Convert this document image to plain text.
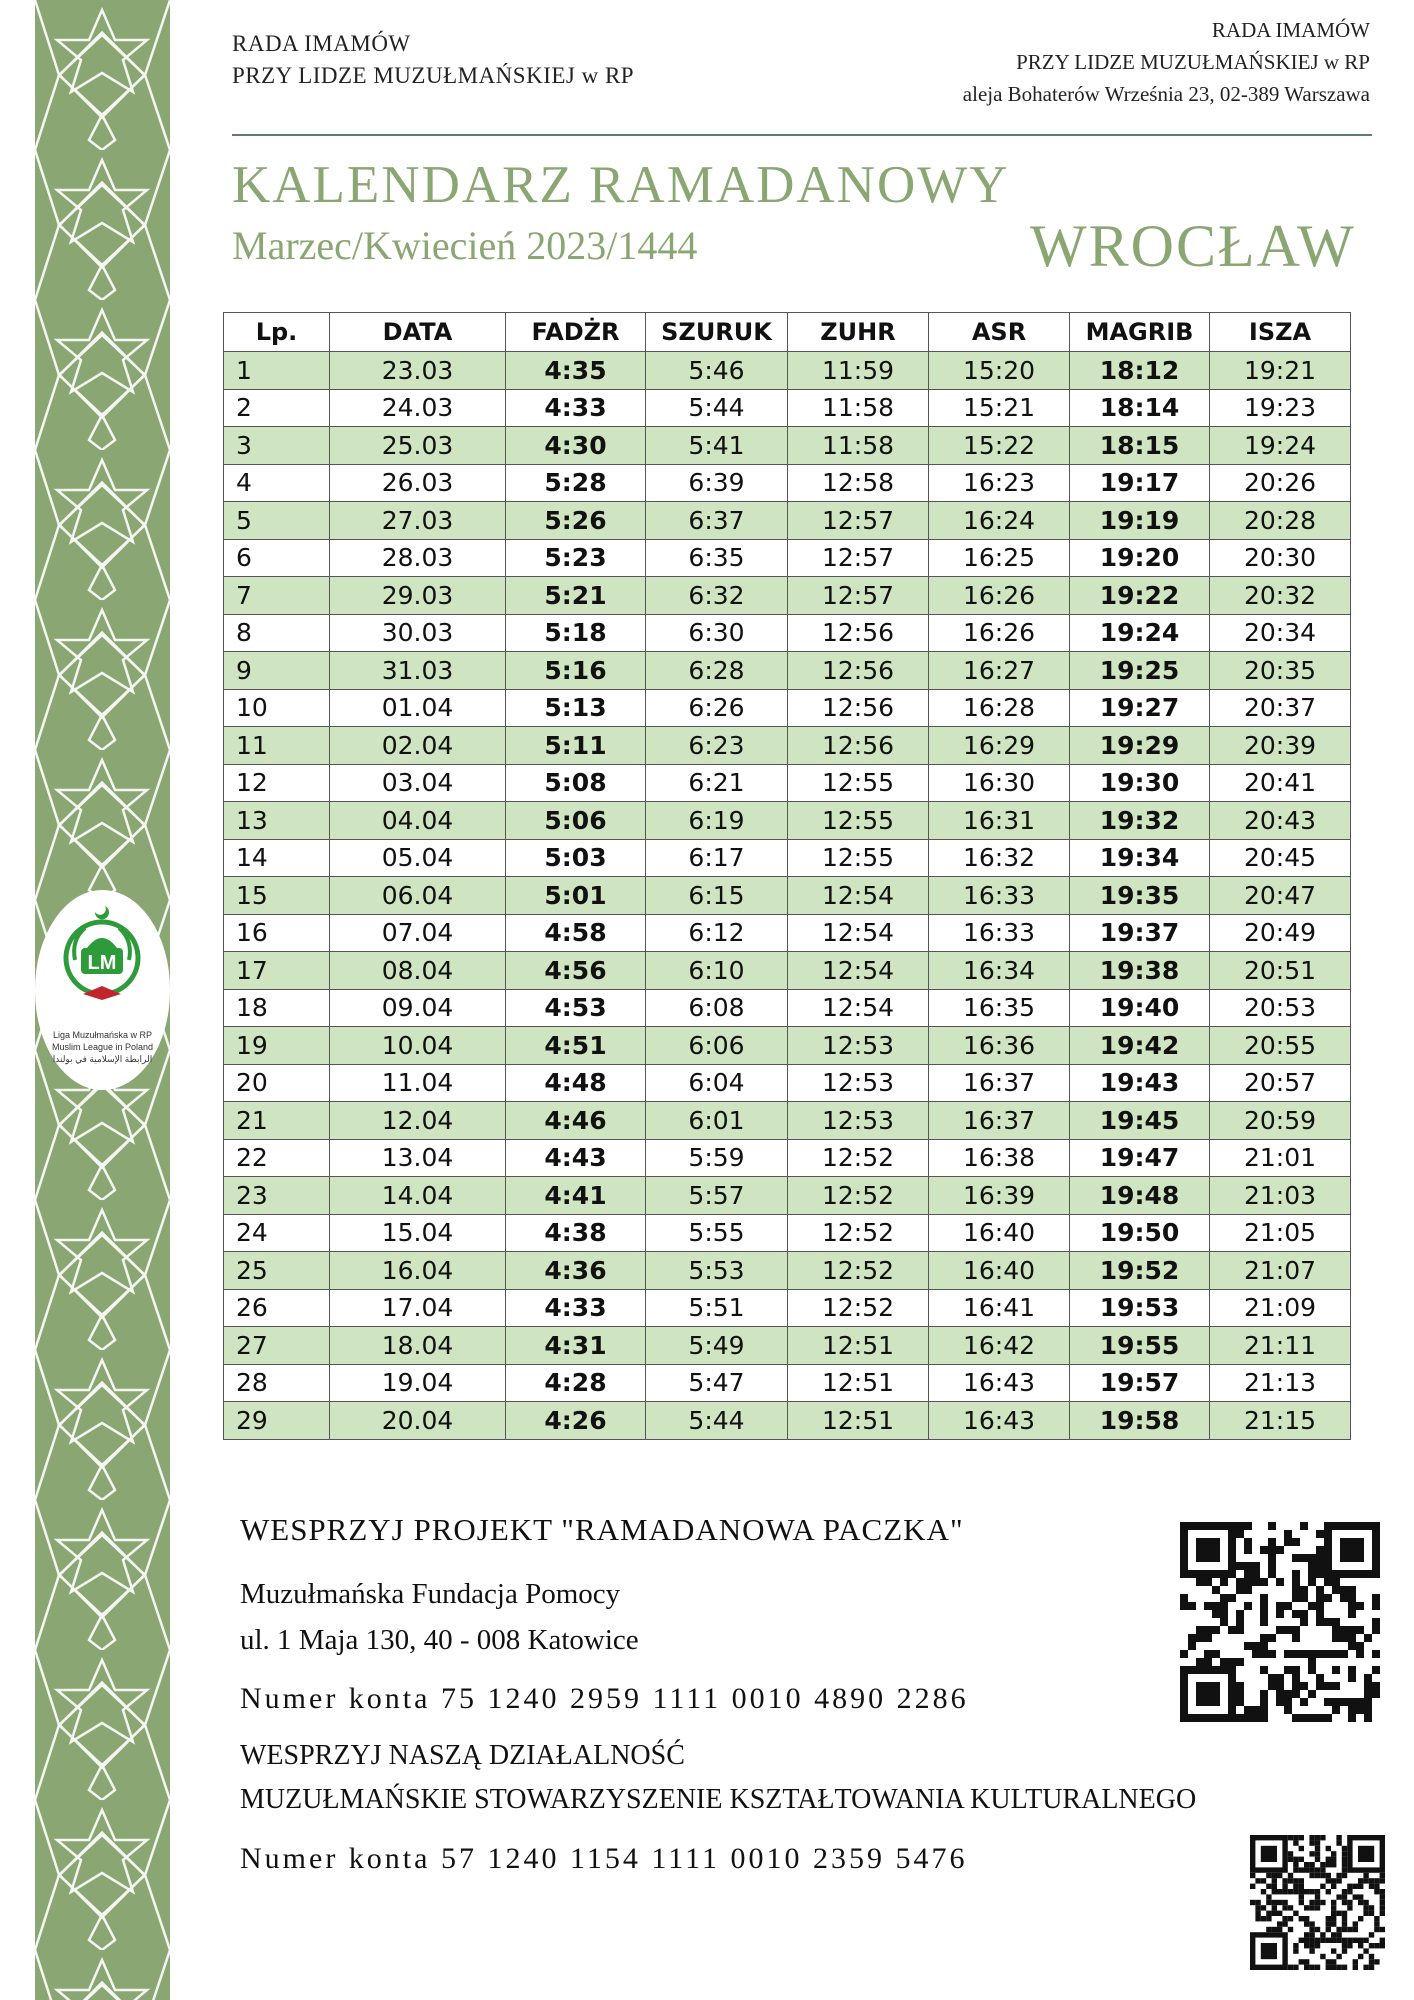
LM
Liga Muzułmańska w RP
Muslim League in Poland
الرابطة الإسلامية في بولندا
RADA IMAMÓW
PRZY LIDZE MUZUŁMAŃSKIEJ w RP
RADA IMAMÓW
PRZY LIDZE MUZUŁMAŃSKIEJ w RP
aleja Bohaterów Września 23, 02-389 Warszawa
KALENDARZ RAMADANOWY
Marzec/Kwiecień 2023/1444	WROCŁAW
Lp.	DATA	FADŻR	SZURUK	ZUHR	ASR	MAGRIB	ISZA
1	23.03	4:35	5:46	11:59	15:20	18:12	19:21
2	24.03	4:33	5:44	11:58	15:21	18:14	19:23
3	25.03	4:30	5:41	11:58	15:22	18:15	19:24
4	26.03	5:28	6:39	12:58	16:23	19:17	20:26
5	27.03	5:26	6:37	12:57	16:24	19:19	20:28
6	28.03	5:23	6:35	12:57	16:25	19:20	20:30
7	29.03	5:21	6:32	12:57	16:26	19:22	20:32
8	30.03	5:18	6:30	12:56	16:26	19:24	20:34
9	31.03	5:16	6:28	12:56	16:27	19:25	20:35
10	01.04	5:13	6:26	12:56	16:28	19:27	20:37
11	02.04	5:11	6:23	12:56	16:29	19:29	20:39
12	03.04	5:08	6:21	12:55	16:30	19:30	20:41
13	04.04	5:06	6:19	12:55	16:31	19:32	20:43
14	05.04	5:03	6:17	12:55	16:32	19:34	20:45
15	06.04	5:01	6:15	12:54	16:33	19:35	20:47
16	07.04	4:58	6:12	12:54	16:33	19:37	20:49
17	08.04	4:56	6:10	12:54	16:34	19:38	20:51
18	09.04	4:53	6:08	12:54	16:35	19:40	20:53
19	10.04	4:51	6:06	12:53	16:36	19:42	20:55
20	11.04	4:48	6:04	12:53	16:37	19:43	20:57
21	12.04	4:46	6:01	12:53	16:37	19:45	20:59
22	13.04	4:43	5:59	12:52	16:38	19:47	21:01
23	14.04	4:41	5:57	12:52	16:39	19:48	21:03
24	15.04	4:38	5:55	12:52	16:40	19:50	21:05
25	16.04	4:36	5:53	12:52	16:40	19:52	21:07
26	17.04	4:33	5:51	12:52	16:41	19:53	21:09
27	18.04	4:31	5:49	12:51	16:42	19:55	21:11
28	19.04	4:28	5:47	12:51	16:43	19:57	21:13
29	20.04	4:26	5:44	12:51	16:43	19:58	21:15
WESPRZYJ PROJEKT "RAMADANOWA PACZKA"
Muzułmańska Fundacja Pomocy
ul. 1 Maja 130, 40 - 008 Katowice
Numer konta 75 1240 2959 1111 0010 4890 2286
WESPRZYJ NASZĄ DZIAŁALNOŚĆ
MUZUŁMAŃSKIE STOWARZYSZENIE KSZTAŁTOWANIA KULTURALNEGO
Numer konta 57 1240 1154 1111 0010 2359 5476
